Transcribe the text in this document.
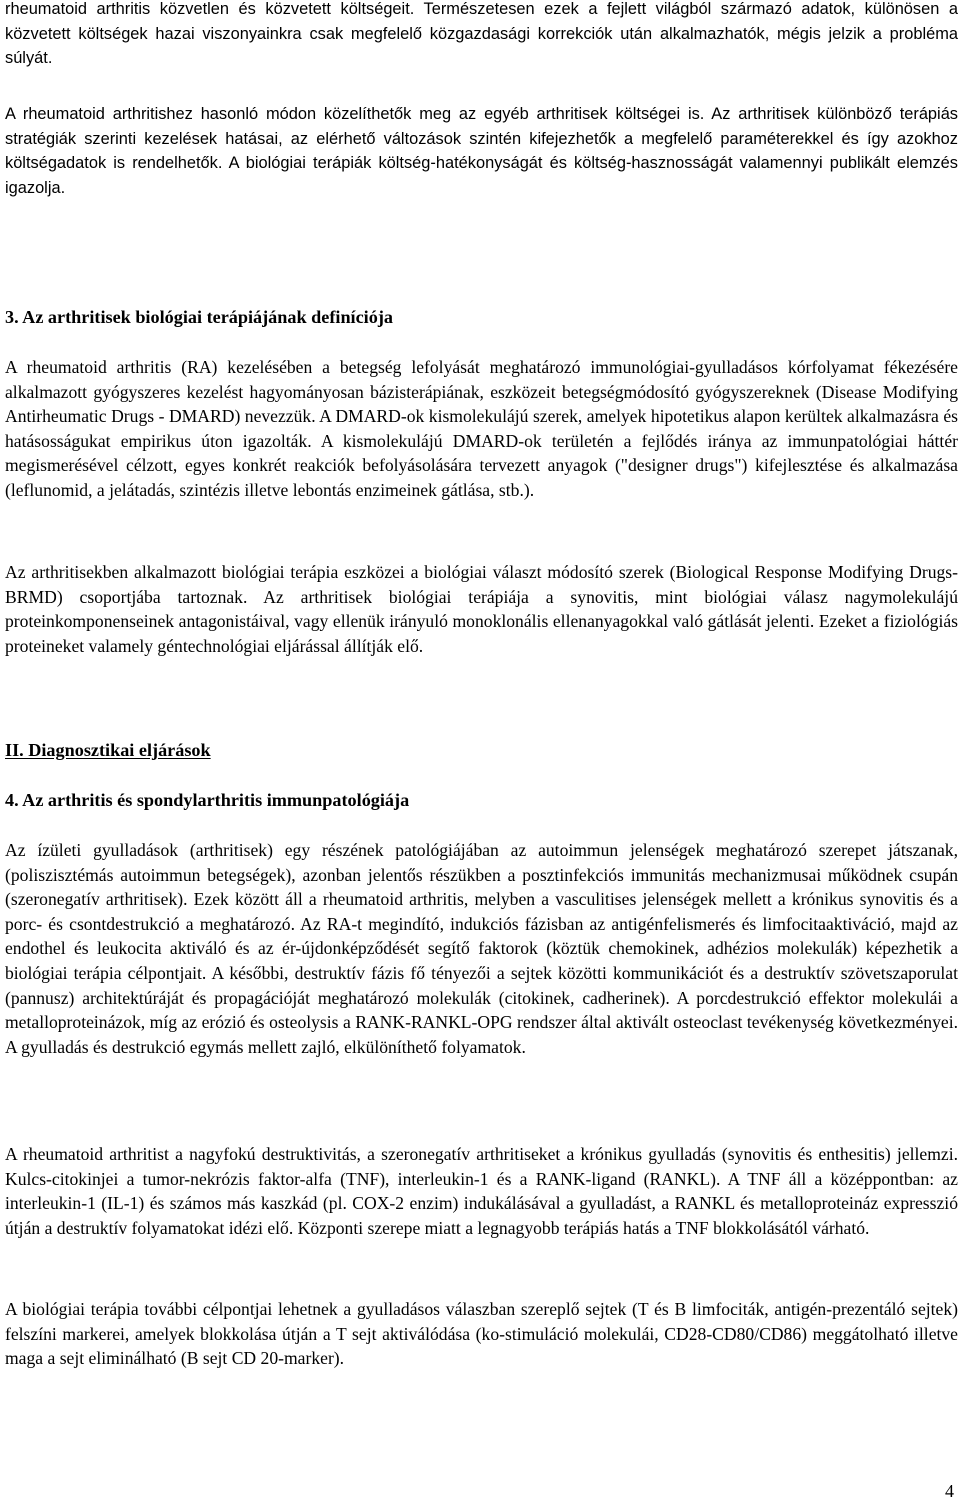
rheumatoid arthritis közvetlen és közvetett költségeit. Természetesen ezek a fejlett világból származó adatok, különösen a közvetett költségek hazai viszonyainkra csak megfelelő közgazdasági korrekciók után alkalmazhatók, mégis jelzik a probléma súlyát.

A rheumatoid arthritishez hasonló módon közelíthetők meg az egyéb arthritisek költségei is. Az arthritisek különböző terápiás stratégiák szerinti kezelések hatásai, az elérhető változások szintén kifejezhetők a megfelelő paraméterekkel és így azokhoz költségadatok is rendelhetők. A biológiai terápiák költség-hatékonyságát és költség-hasznosságát valamennyi publikált elemzés igazolja.

3. Az arthritisek biológiai terápiájának definíciója

A rheumatoid arthritis (RA) kezelésében a betegség lefolyását meghatározó immunológiai-gyulladásos kórfolyamat fékezésére alkalmazott gyógyszeres kezelést hagyományosan bázisterápiának, eszközeit betegségmódosító gyógyszereknek (Disease Modifying Antirheumatic Drugs - DMARD) nevezzük. A DMARD-ok kismolekulájú szerek, amelyek hipotetikus alapon kerültek alkalmazásra és hatásosságukat empirikus úton igazolták. A kismolekulájú DMARD-ok területén a fejlődés iránya az immunpatológiai háttér megismerésével célzott, egyes konkrét reakciók befolyásolására tervezett anyagok ("designer drugs") kifejlesztése és alkalmazása (leflunomid, a jelátadás, szintézis illetve lebontás enzimeinek gátlása, stb.).

Az arthritisekben alkalmazott biológiai terápia eszközei a biológiai választ módosító szerek (Biological Response Modifying Drugs-BRMD) csoportjába tartoznak. Az arthritisek biológiai terápiája a synovitis, mint biológiai válasz nagymolekulájú proteinkomponenseinek antagonistáival, vagy ellenük irányuló monoklonális ellenanyagokkal való gátlását jelenti. Ezeket a fiziológiás proteineket valamely géntechnológiai eljárással állítják elő.

II. Diagnosztikai eljárások
4. Az arthritis és spondylarthritis immunpatológiája

Az ízületi gyulladások (arthritisek) egy részének patológiájában az autoimmun jelenségek meghatározó szerepet játszanak, (poliszisztémás autoimmun betegségek), azonban jelentős részükben a posztinfekciós immunitás mechanizmusai működnek csupán (szeronegatív arthritisek). Ezek között áll a rheumatoid arthritis, melyben a vasculitises jelenségek mellett a krónikus synovitis és a porc- és csontdestrukció a meghatározó. Az RA-t megindító, indukciós fázisban az antigénfelismerés és limfocitaaktiváció, majd az endothel és leukocita aktiváló és az ér-újdonképződését segítő faktorok (köztük chemokinek, adhézios molekulák) képezhetik a biológiai terápia célpontjait. A későbbi, destruktív fázis fő tényezői a sejtek közötti kommunikációt és a destruktív szövetszaporulat (pannusz) architektúráját és propagációját meghatározó molekulák (citokinek, cadherinek). A porcdestrukció effektor molekulái a metalloproteinázok, míg az erózió és osteolysis a RANK-RANKL-OPG rendszer által aktivált osteoclast tevékenység következményei. A gyulladás és destrukció egymás mellett zajló, elkülöníthető folyamatok.

A rheumatoid arthritist a nagyfokú destruktivitás, a szeronegatív arthritiseket a krónikus gyulladás (synovitis és enthesitis) jellemzi. Kulcs-citokinjei a tumor-nekrózis faktor-alfa (TNF), interleukin-1 és a RANK-ligand (RANKL). A TNF áll a középpontban: az interleukin-1 (IL-1) és számos más kaszkád (pl. COX-2 enzim) indukálásával a gyulladást, a RANKL és metalloproteináz expresszió útján a destruktív folyamatokat idézi elő. Központi szerepe miatt a legnagyobb terápiás hatás a TNF blokkolásától várható.

A biológiai terápia további célpontjai lehetnek a gyulladásos válaszban szereplő sejtek (T és B limfociták, antigén-prezentáló sejtek) felszíni markerei, amelyek blokkolása útján a T sejt aktiválódása (ko-stimuláció molekulái, CD28-CD80/CD86) meggátolható illetve maga a sejt eliminálható (B sejt CD 20-marker).

4
